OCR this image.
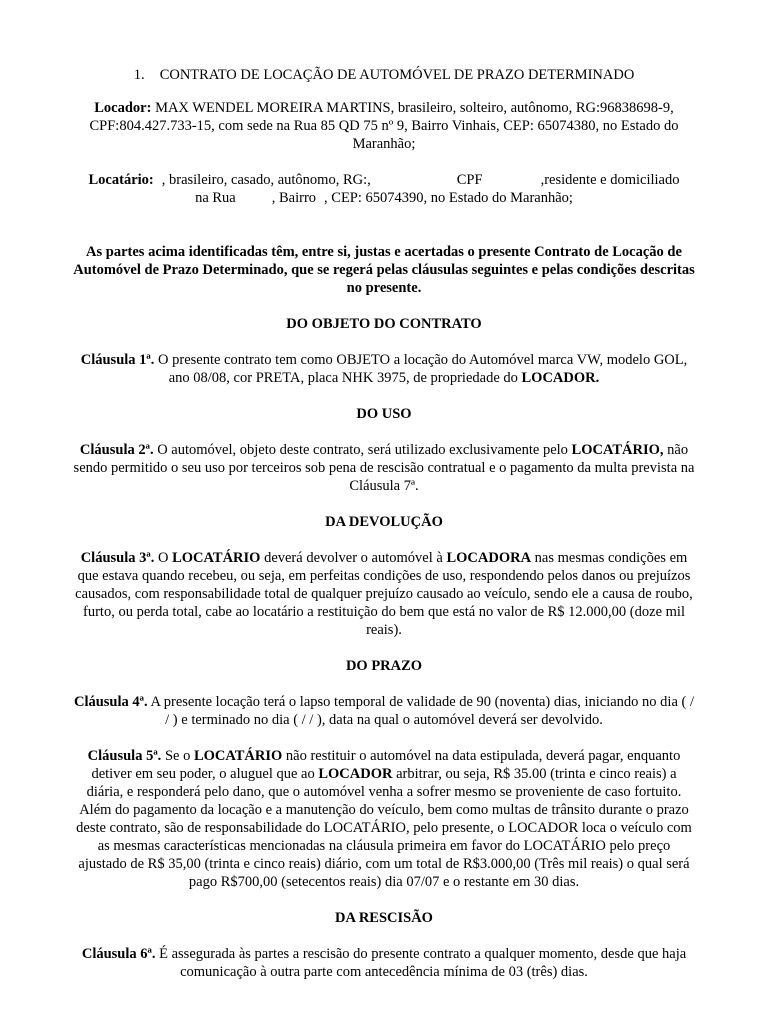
1. CONTRATO DE LOCAÇÃO DE AUTOMÓVEL DE PRAZO DETERMINADO

Locador: MAX WENDEL MOREIRA MARTINS, brasileiro, solteiro, autônomo, RG:96838698-9, CPF:804.427.733-15, com sede na Rua 85 QD 75 nº 9, Bairro Vinhais, CEP: 65074380, no Estado do Maranhão;

Locatário: , brasileiro, casado, autônomo, RG:,	CPF	,residente e domiciliado
na Rua , Bairro , CEP: 65074390, no Estado do Maranhão;

As partes acima identificadas têm, entre si, justas e acertadas o presente Contrato de Locação de Automóvel de Prazo Determinado, que se regerá pelas cláusulas seguintes e pelas condições descritas no presente.

DO OBJETO DO CONTRATO

Cláusula 1ª. O presente contrato tem como OBJETO a locação do Automóvel marca VW, modelo GOL, ano 08/08, cor PRETA, placa NHK 3975, de propriedade do LOCADOR.

DO USO

Cláusula 2ª. O automóvel, objeto deste contrato, será utilizado exclusivamente pelo LOCATÁRIO, não sendo permitido o seu uso por terceiros sob pena de rescisão contratual e o pagamento da multa prevista na Cláusula 7ª.

DA DEVOLUÇÃO

Cláusula 3ª. O LOCATÁRIO deverá devolver o automóvel à LOCADORA nas mesmas condições em que estava quando recebeu, ou seja, em perfeitas condições de uso, respondendo pelos danos ou prejuízos causados, com responsabilidade total de qualquer prejuízo causado ao veículo, sendo ele a causa de roubo, furto, ou perda total, cabe ao locatário a restituição do bem que está no valor de R$ 12.000,00 (doze mil reais).

DO PRAZO

Cláusula 4ª. A presente locação terá o lapso temporal de validade de 90 (noventa) dias, iniciando no dia ( / / ) e terminado no dia ( / / ), data na qual o automóvel deverá ser devolvido.

Cláusula 5ª. Se o LOCATÁRIO não restituir o automóvel na data estipulada, deverá pagar, enquanto detiver em seu poder, o aluguel que ao LOCADOR arbitrar, ou seja, R$ 35.00 (trinta e cinco reais) a diária, e responderá pelo dano, que o automóvel venha a sofrer mesmo se proveniente de caso fortuito. Além do pagamento da locação e a manutenção do veículo, bem como multas de trânsito durante o prazo deste contrato, são de responsabilidade do LOCATÁRIO, pelo presente, o LOCADOR loca o veículo com as mesmas características mencionadas na cláusula primeira em favor do LOCATÁRIO pelo preço ajustado de R$ 35,00 (trinta e cinco reais) diário, com um total de R$3.000,00 (Três mil reais) o qual será pago R$700,00 (setecentos reais) dia 07/07 e o restante em 30 dias.

DA RESCISÃO

Cláusula 6ª. É assegurada às partes a rescisão do presente contrato a qualquer momento, desde que haja comunicação à outra parte com antecedência mínima de 03 (três) dias.
